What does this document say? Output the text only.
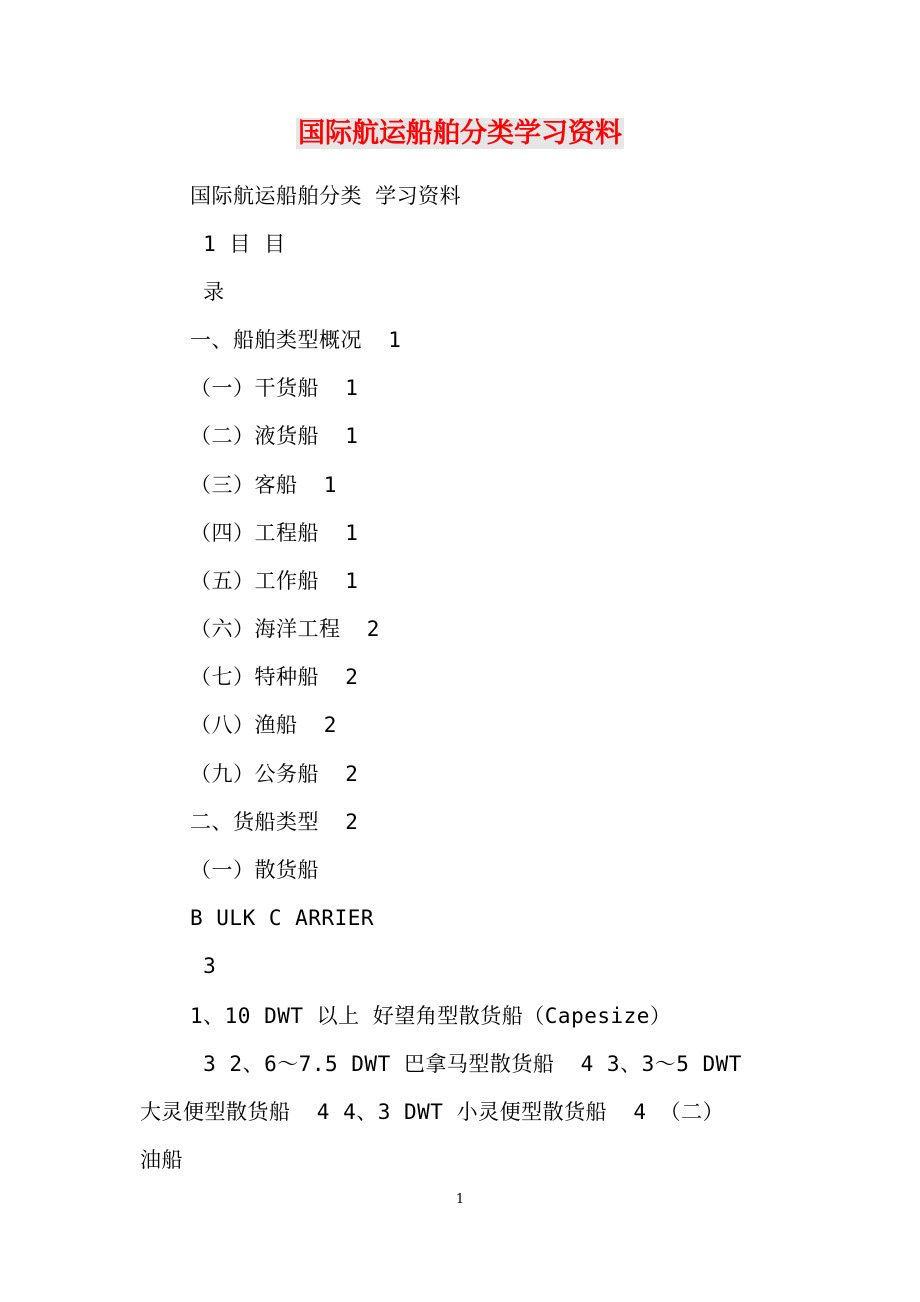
国际航运船舶分类学习资料
国际航运船舶分类 学习资料
1 目 目
录
一、船舶类型概况  1
（一）干货船  1
（二）液货船  1
（三）客船  1
（四）工程船  1
（五）工作船  1
（六）海洋工程  2
（七）特种船  2
（八）渔船  2
（九）公务船  2
二、货船类型  2
（一）散货船
B ULK C ARRIER
3
1、10 DWT 以上 好望角型散货船（Capesize）
3 2、6～7.5 DWT 巴拿马型散货船  4 3、3～5 DWT
大灵便型散货船  4 4、3 DWT 小灵便型散货船  4 （二）
油船
1
